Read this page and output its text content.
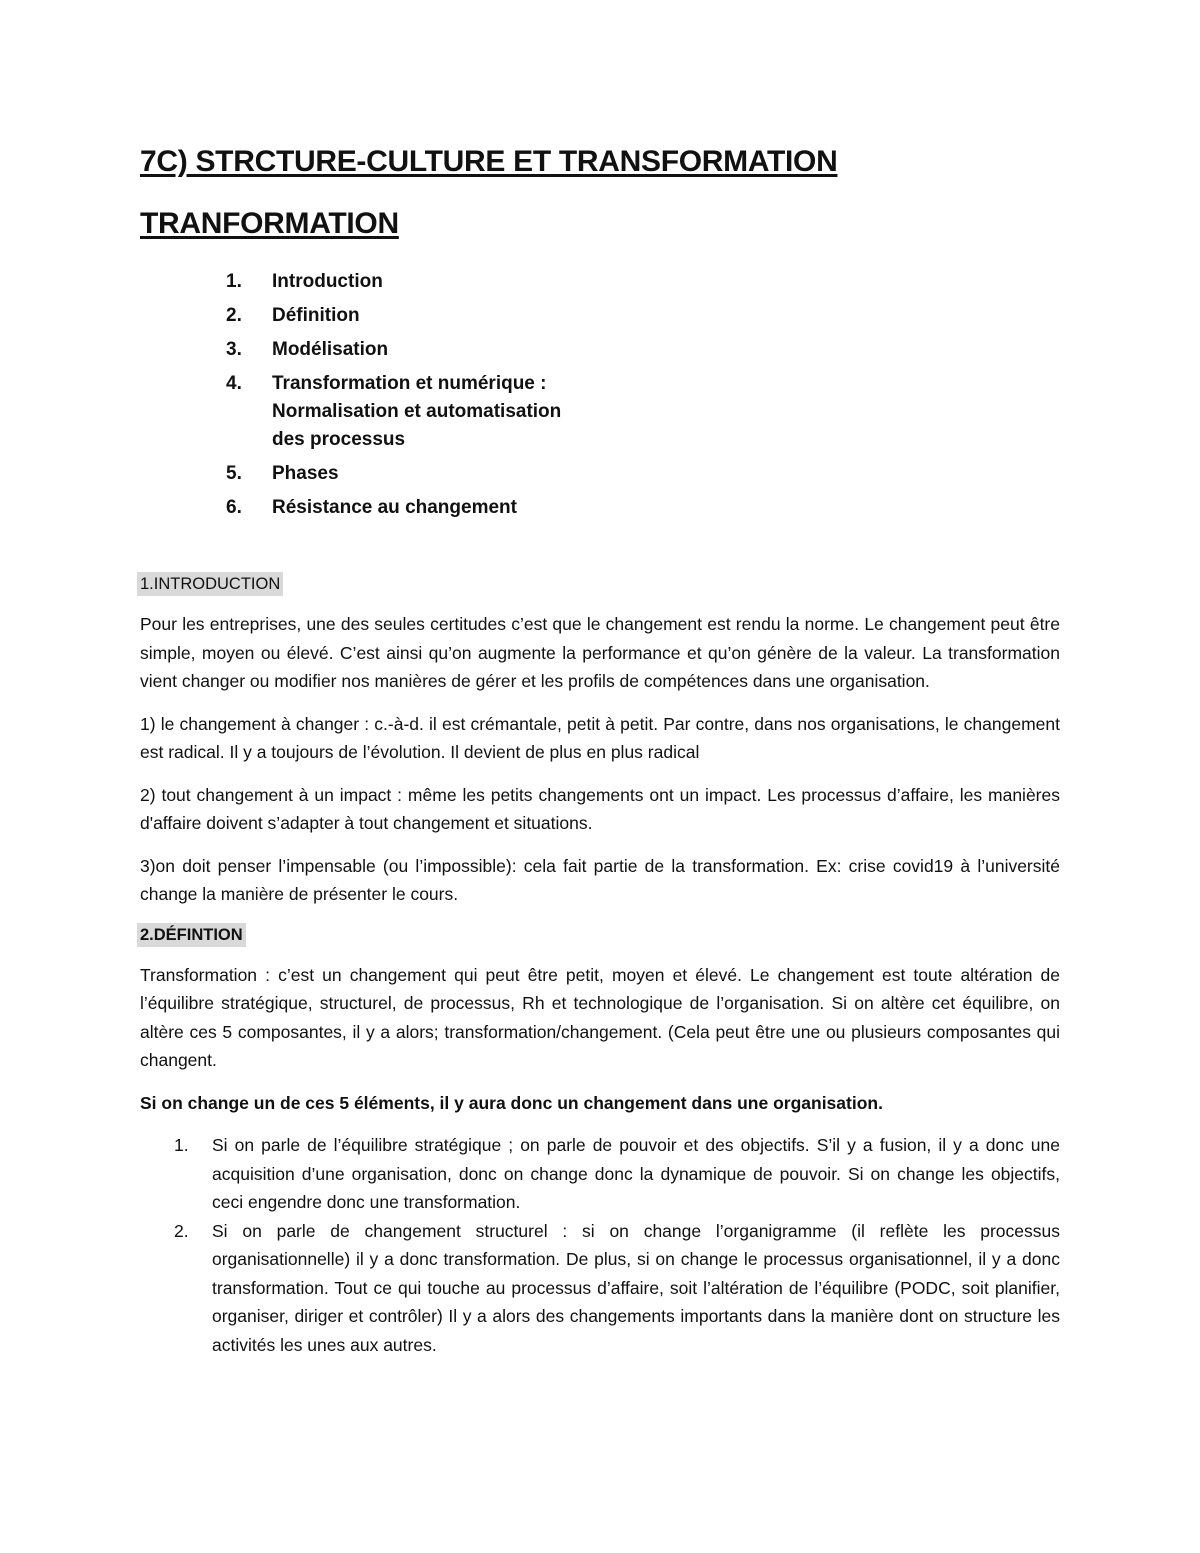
7C) STRCTURE-CULTURE ET TRANSFORMATION
TRANFORMATION
1.	Introduction
2.	Définition
3.	Modélisation
4.	Transformation et numérique : Normalisation et automatisation des processus
5.	Phases
6.	Résistance au changement
1.INTRODUCTION

Pour les entreprises, une des seules certitudes c’est que le changement est rendu la norme. Le changement peut être simple, moyen ou élevé. C’est ainsi qu’on augmente la performance et qu’on génère de la valeur. La transformation vient changer ou modifier nos manières de gérer et les profils de compétences dans une organisation.

1) le changement à changer : c.-à-d. il est crémantale, petit à petit. Par contre, dans nos organisations, le changement est radical. Il y a toujours de l’évolution. Il devient de plus en plus radical

2) tout changement à un impact : même les petits changements ont un impact. Les processus d’affaire, les manières d'affaire doivent s’adapter à tout changement et situations.

3)on doit penser l’impensable (ou l’impossible): cela fait partie de la transformation. Ex: crise covid19 à l’université change la manière de présenter le cours.

2.DÉFINTION

Transformation : c’est un changement qui peut être petit, moyen et élevé. Le changement est toute altération de l’équilibre stratégique, structurel, de processus, Rh et technologique de l’organisation. Si on altère cet équilibre, on altère ces 5 composantes, il y a alors; transformation/changement. (Cela peut être une ou plusieurs composantes qui changent.

Si on change un de ces 5 éléments, il y aura donc un changement dans une organisation.

1.	Si on parle de l’équilibre stratégique ; on parle de pouvoir et des objectifs. S’il y a fusion, il y a donc une acquisition d’une organisation, donc on change donc la dynamique de pouvoir. Si on change les objectifs, ceci engendre donc une transformation.
2.	Si on parle de changement structurel : si on change l’organigramme (il reflète les processus organisationnelle) il y a donc transformation. De plus, si on change le processus organisationnel, il y a donc transformation. Tout ce qui touche au processus d’affaire, soit l’altération de l’équilibre (PODC, soit planifier, organiser, diriger et contrôler) Il y a alors des changements importants dans la manière dont on structure les activités les unes aux autres.
